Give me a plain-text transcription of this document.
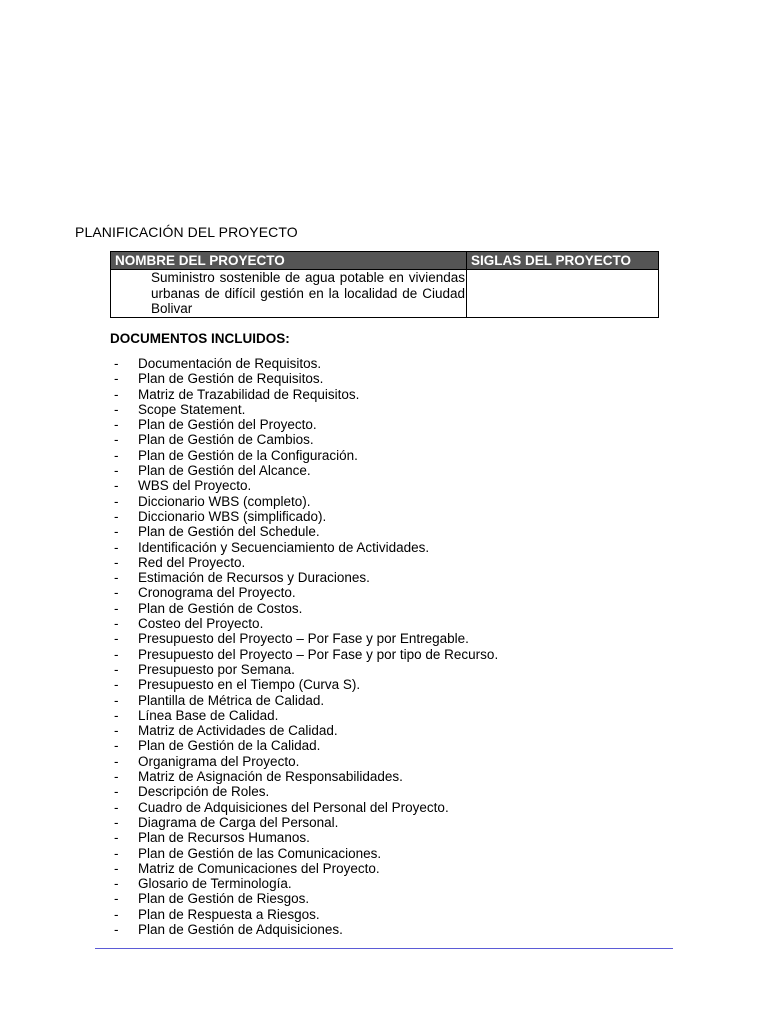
PLANIFICACIÓN DEL PROYECTO
NOMBRE DEL PROYECTO	SIGLAS DEL PROYECTO

Suministro sostenible de agua potable en viviendas urbanas de difícil gestión en la localidad de Ciudad Bolivar	

DOCUMENTOS INCLUIDOS:
- Documentación de Requisitos.
- Plan de Gestión de Requisitos.
- Matriz de Trazabilidad de Requisitos.
- Scope Statement.
- Plan de Gestión del Proyecto.
- Plan de Gestión de Cambios.
- Plan de Gestión de la Configuración.
- Plan de Gestión del Alcance.
- WBS del Proyecto.
- Diccionario WBS (completo).
- Diccionario WBS (simplificado).
- Plan de Gestión del Schedule.
- Identificación y Secuenciamiento de Actividades.
- Red del Proyecto.
- Estimación de Recursos y Duraciones.
- Cronograma del Proyecto.
- Plan de Gestión de Costos.
- Costeo del Proyecto.
- Presupuesto del Proyecto – Por Fase y por Entregable.
- Presupuesto del Proyecto – Por Fase y por tipo de Recurso.
- Presupuesto por Semana.
- Presupuesto en el Tiempo (Curva S).
- Plantilla de Métrica de Calidad.
- Línea Base de Calidad.
- Matriz de Actividades de Calidad.
- Plan de Gestión de la Calidad.
- Organigrama del Proyecto.
- Matriz de Asignación de Responsabilidades.
- Descripción de Roles.
- Cuadro de Adquisiciones del Personal del Proyecto.
- Diagrama de Carga del Personal.
- Plan de Recursos Humanos.
- Plan de Gestión de las Comunicaciones.
- Matriz de Comunicaciones del Proyecto.
- Glosario de Terminología.
- Plan de Gestión de Riesgos.
- Plan de Respuesta a Riesgos.
- Plan de Gestión de Adquisiciones.
